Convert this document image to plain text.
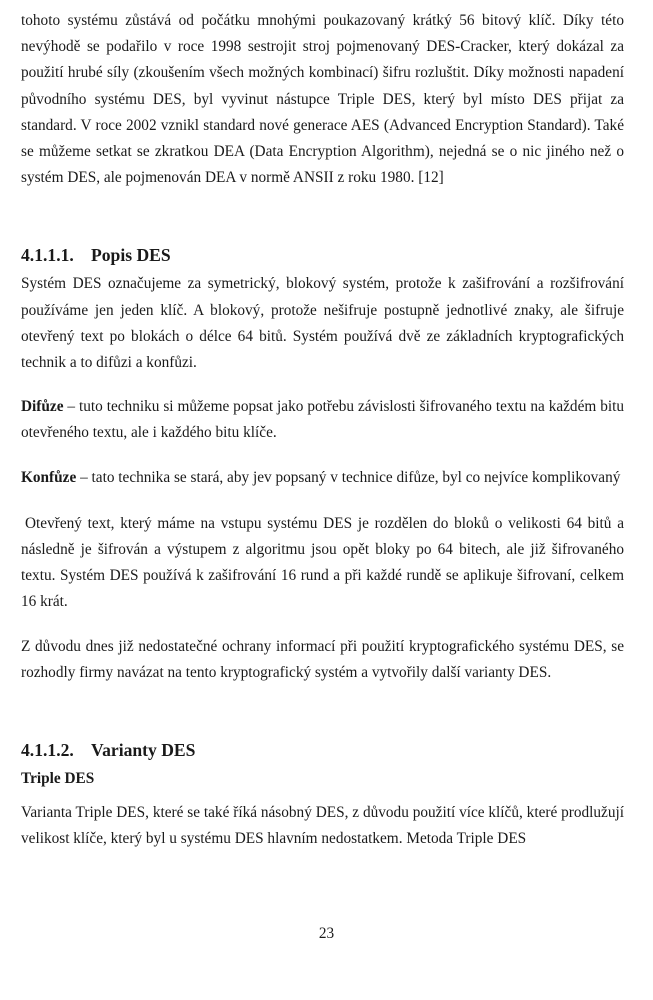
tohoto systému zůstává od počátku mnohými poukazovaný krátký 56 bitový klíč. Díky této nevýhodě se podařilo v roce 1998 sestrojit stroj pojmenovaný DES-Cracker, který dokázal za použití hrubé síly (zkoušením všech možných kombinací) šifru rozluštit. Díky možnosti napadení původního systému DES, byl vyvinut nástupce Triple DES, který byl místo DES přijat za standard. V roce 2002 vznikl standard nové generace AES (Advanced Encryption Standard). Také se můžeme setkat se zkratkou DEA (Data Encryption Algorithm), nejedná se o nic jiného než o systém DES, ale pojmenován DEA v normě ANSII z roku 1980. [12]

4.1.1.1. Popis DES

Systém DES označujeme za symetrický, blokový systém, protože k zašifrování a rozšifrování používáme jen jeden klíč. A blokový, protože nešifruje postupně jednotlivé znaky, ale šifruje otevřený text po blokách o délce 64 bitů. Systém používá dvě ze základních kryptografických technik a to difůzi a konfůzi.

Difůze – tuto techniku si můžeme popsat jako potřebu závislosti šifrovaného textu na každém bitu otevřeného textu, ale i každého bitu klíče.

Konfůze – tato technika se stará, aby jev popsaný v technice difůze, byl co nejvíce komplikovaný

Otevřený text, který máme na vstupu systému DES je rozdělen do bloků o velikosti 64 bitů a následně je šifrován a výstupem z algoritmu jsou opět bloky po 64 bitech, ale již šifrovaného textu. Systém DES používá k zašifrování 16 rund a při každé rundě se aplikuje šifrovaní, celkem 16 krát.

Z důvodu dnes již nedostatečné ochrany informací při použití kryptografického systému DES, se rozhodly firmy navázat na tento kryptografický systém a vytvořily další varianty DES.

4.1.1.2. Varianty DES
Triple DES

Varianta Triple DES, které se také říká násobný DES, z důvodu použití více klíčů, které prodlužují velikost klíče, který byl u systému DES hlavním nedostatkem. Metoda Triple DES

23
